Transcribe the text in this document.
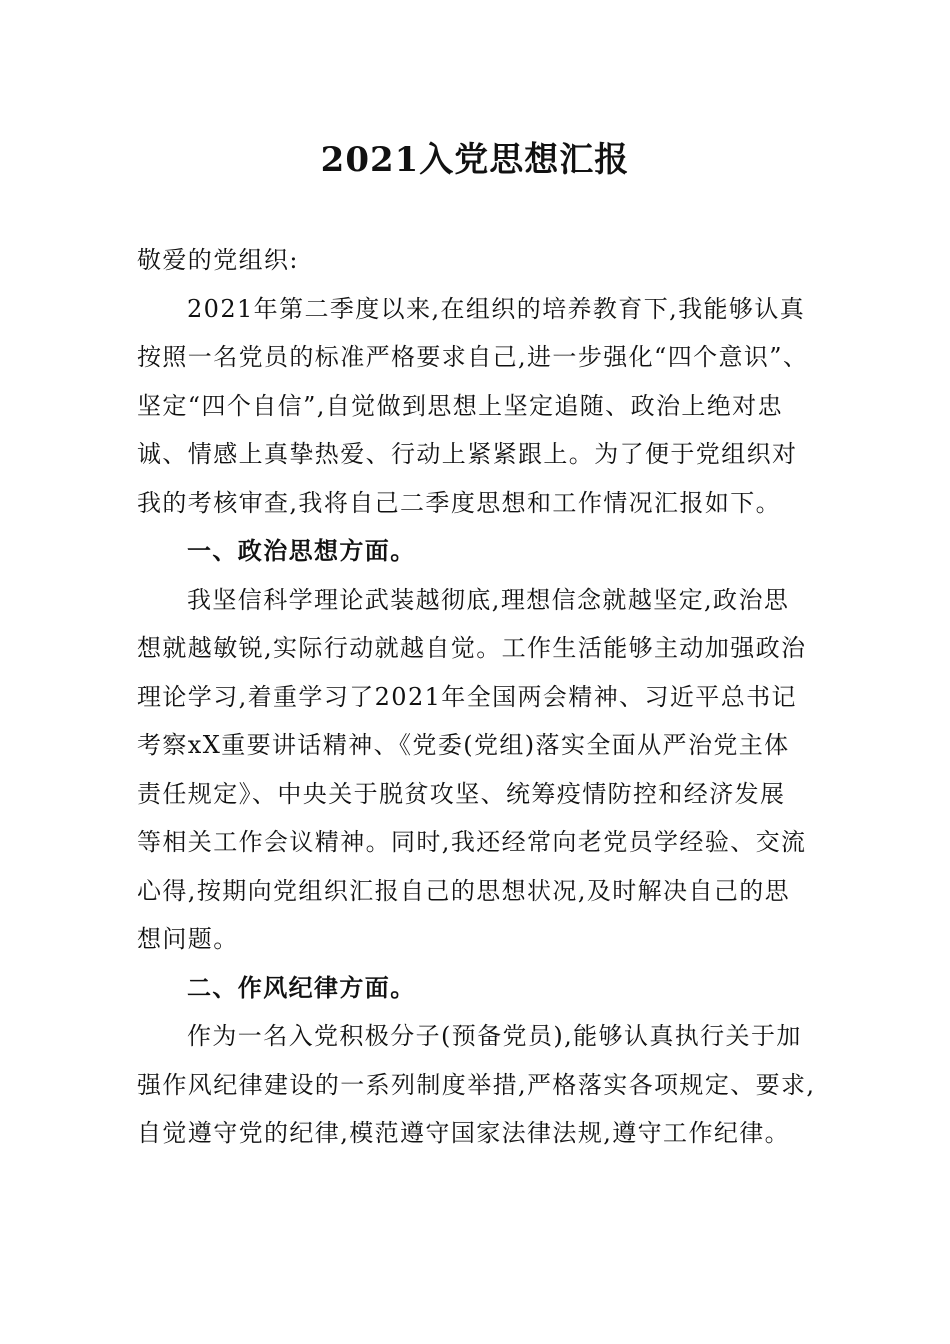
2021入党思想汇报
敬爱的党组织:
2021年第二季度以来,在组织的培养教育下,我能够认真
按照一名党员的标准严格要求自己,进一步强化“四个意识”、
坚定“四个自信”,自觉做到思想上坚定追随、政治上绝对忠
诚、情感上真挚热爱、行动上紧紧跟上。为了便于党组织对
我的考核审查,我将自己二季度思想和工作情况汇报如下。
一、政治思想方面。
我坚信科学理论武装越彻底,理想信念就越坚定,政治思
想就越敏锐,实际行动就越自觉。工作生活能够主动加强政治
理论学习,着重学习了2021年全国两会精神、习近平总书记
考察xX重要讲话精神、《党委(党组)落实全面从严治党主体
责任规定》、中央关于脱贫攻坚、统筹疫情防控和经济发展
等相关工作会议精神。同时,我还经常向老党员学经验、交流
心得,按期向党组织汇报自己的思想状况,及时解决自己的思
想问题。
二、作风纪律方面。
作为一名入党积极分子(预备党员),能够认真执行关于加
强作风纪律建设的一系列制度举措,严格落实各项规定、要求,
自觉遵守党的纪律,模范遵守国家法律法规,遵守工作纪律。
